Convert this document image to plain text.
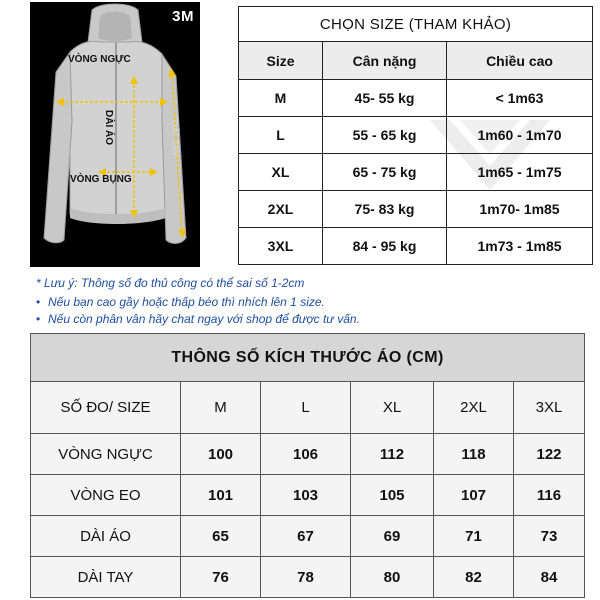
3M
VÒNG NGỰC
DÀI ÁO
VÒNG BỤNG
DÀI TAY
CHỌN SIZE (THAM KHẢO)		
Size	Cân nặng	Chiều cao
M	45- 55 kg	< 1m63
L	55 - 65 kg	1m60 - 1m70
XL	65 - 75 kg	1m65 - 1m75
2XL	75- 83 kg	1m70- 1m85
3XL	84 - 95 kg	1m73 - 1m85
* Lưu ý: Thông số đo thủ công có thể sai số 1-2cm
• Nếu bạn cao gầy hoặc thấp béo thì nhích lên 1 size.
• Nếu còn phân vân hãy chat ngay với shop để được tư vấn.
THÔNG SỐ KÍCH THƯỚC ÁO (CM)					
SỐ ĐO/ SIZE	M	L	XL	2XL	3XL
VÒNG NGỰC	100	106	112	118	122
VÒNG EO	101	103	105	107	116
DÀI ÁO	65	67	69	71	73
DÀI TAY	76	78	80	82	84
